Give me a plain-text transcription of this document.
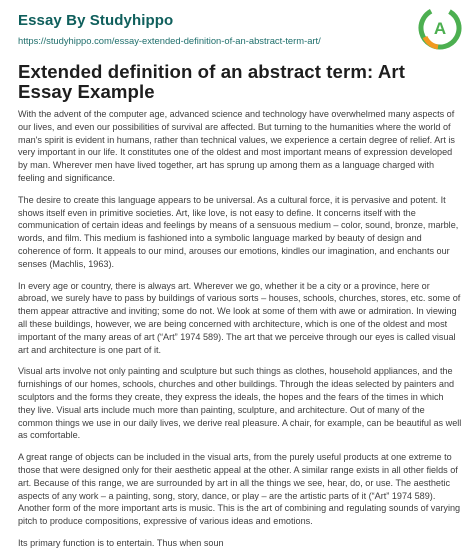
Essay By Studyhippo
https://studyhippo.com/essay-extended-definition-of-an-abstract-term-art/
A
Extended definition of an abstract term: Art Essay Example

With the advent of the computer age, advanced science and technology have overwhelmed many aspects of our lives, and even our possibilities of survival are affected. But turning to the humanities where the world of man's spirit is evident in humans, rather than technical values, we experience a certain degree of relief. Art is very important in our life. It constitutes one of the oldest and most important means of expression developed by man. Wherever men have lived together, art has sprung up among them as a language charged with feeling and significance.

The desire to create this language appears to be universal. As a cultural force, it is pervasive and potent. It shows itself even in primitive societies. Art, like love, is not easy to define. It concerns itself with the communication of certain ideas and feelings by means of a sensuous medium – color, sound, bronze, marble, words, and film. This medium is fashioned into a symbolic language marked by beauty of design and coherence of form. It appeals to our mind, arouses our emotions, kindles our imagination, and enchants our senses (Machlis, 1963).

In every age or country, there is always art. Wherever we go, whether it be a city or a province, here or abroad, we surely have to pass by buildings of various sorts – houses, schools, churches, stores, etc. some of them appear attractive and inviting; some do not. We look at some of them with awe or admiration. In viewing all these buildings, however, we are being concerned with architecture, which is one of the oldest and most important of the many areas of art (“Art” 1974 589). The art that we perceive through our eyes is called visual art and architecture is one part of it.

Visual arts involve not only painting and sculpture but such things as clothes, household appliances, and the furnishings of our homes, schools, churches and other buildings. Through the ideas selected by painters and sculptors and the forms they create, they express the ideals, the hopes and the fears of the times in which they live. Visual arts include much more than painting, sculpture, and architecture. Out of many of the common things we use in our daily lives, we derive real pleasure. A chair, for example, can be beautiful as well as comfortable.

A great range of objects can be included in the visual arts, from the purely useful products at one extreme to those that were designed only for their aesthetic appeal at the other. A similar range exists in all other fields of art. Because of this range, we are surrounded by art in all the things we see, hear, do, or use. The aesthetic aspects of any work – a painting, song, story, dance, or play – are the artistic parts of it (“Art” 1974 589). Another form of the more important arts is music. This is the art of combining and regulating sounds of varying pitch to produce compositions, expressive of various ideas and emotions.

Its primary function is to entertain. Thus when soun
